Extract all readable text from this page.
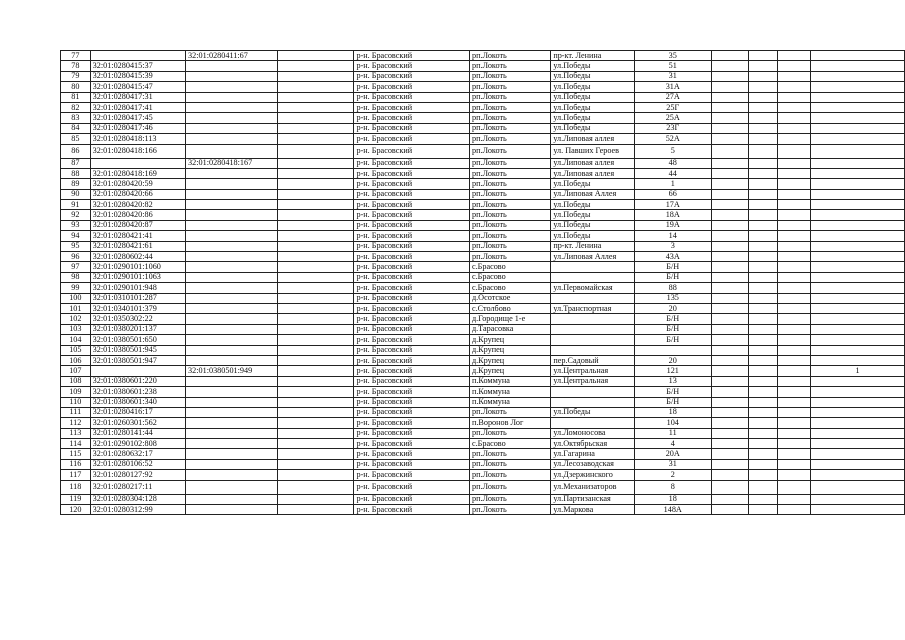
77		32:01:0280411:67		р-н. Брасовский	рп.Локоть	пр-кт. Ленина	35				
78	32:01:0280415:37			р-н. Брасовский	рп.Локоть	ул.Победы	51				
79	32:01:0280415:39			р-н. Брасовский	рп.Локоть	ул.Победы	31				
80	32:01:0280415:47			р-н. Брасовский	рп.Локоть	ул.Победы	31А				
81	32:01:0280417:31			р-н. Брасовский	рп.Локоть	ул.Победы	27А				
82	32:01:0280417:41			р-н. Брасовский	рп.Локоть	ул.Победы	25Г				
83	32:01:0280417:45			р-н. Брасовский	рп.Локоть	ул.Победы	25А				
84	32:01:0280417:46			р-н. Брасовский	рп.Локоть	ул.Победы	23Г				
85	32:01:0280418:113			р-н. Брасовский	рп.Локоть	ул.Липовая аллея	52А				
86	32:01:0280418:166			р-н. Брасовский	рп.Локоть	ул. Павших Героев	5				
87		32:01:0280418:167		р-н. Брасовский	рп.Локоть	ул.Липовая аллея	48				
88	32:01:0280418:169			р-н. Брасовский	рп.Локоть	ул.Липовая аллея	44				
89	32:01:0280420:59			р-н. Брасовский	рп.Локоть	ул.Победы	1				
90	32:01:0280420:66			р-н. Брасовский	рп.Локоть	ул.Липовая Аллея	66				
91	32:01:0280420:82			р-н. Брасовский	рп.Локоть	ул.Победы	17А				
92	32:01:0280420:86			р-н. Брасовский	рп.Локоть	ул.Победы	18А				
93	32:01:0280420:87			р-н. Брасовский	рп.Локоть	ул.Победы	19А				
94	32:01:0280421:41			р-н. Брасовский	рп.Локоть	ул.Победы	14				
95	32:01:0280421:61			р-н. Брасовский	рп.Локоть	пр-кт. Ленина	3				
96	32:01:0280602:44			р-н. Брасовский	рп.Локоть	ул.Липовая Аллея	43А				
97	32:01:0290101:1060			р-н. Брасовский	с.Брасово		Б/Н				
98	32:01:0290101:1063			р-н. Брасовский	с.Брасово		Б/Н				
99	32:01:0290101:948			р-н. Брасовский	с.Брасово	ул.Первомайская	88				
100	32:01:0310101:287			р-н. Брасовский	д.Осотское		135				
101	32:01:0340101:379			р-н. Брасовский	с.Столбово	ул.Транспортная	20				
102	32:01:0350302:22			р-н. Брасовский	д.Городище 1-е		Б/Н				
103	32:01:0380201:137			р-н. Брасовский	д.Тарасовка		Б/Н				
104	32:01:0380501:650			р-н. Брасовский	д.Крупец		Б/Н				
105	32:01:0380501:945			р-н. Брасовский	д.Крупец						
106	32:01:0380501:947			р-н. Брасовский	д.Крупец	пер.Садовый	20				
107		32:01:0380501:949		р-н. Брасовский	д.Крупец	ул.Центральная	121				1
108	32:01:0380601:220			р-н. Брасовский	п.Коммуна	ул.Центральная	13				
109	32:01:0380601:238			р-н. Брасовский	п.Коммуна		Б/Н				
110	32:01:0380601:340			р-н. Брасовский	п.Коммуна		Б/Н				
111	32:01:0280416:17			р-н. Брасовский	рп.Локоть	ул.Победы	18				
112	32:01:0260301:562			р-н. Брасовский	п.Воронов Лог		104				
113	32:01:0280141:44			р-н. Брасовский	рп.Локоть	ул.Ломоносова	11				
114	32:01:0290102:808			р-н. Брасовский	с.Брасово	ул.Октябрьская	4				
115	32:01:0280632:17			р-н. Брасовский	рп.Локоть	ул.Гагарина	20А				
116	32:01:0280106:52			р-н. Брасовский	рп.Локоть	ул.Лесозаводская	31				
117	32:01:0280127:92			р-н. Брасовский	рп.Локоть	ул.Дзержинского	2				
118	32:01:0280217:11			р-н. Брасовский	рп.Локоть	ул.Механизаторов	8				
119	32:01:0280304:128			р-н. Брасовский	рп.Локоть	ул.Партизанская	18				
120	32:01:0280312:99			р-н. Брасовский	рп.Локоть	ул.Маркова	148А				
